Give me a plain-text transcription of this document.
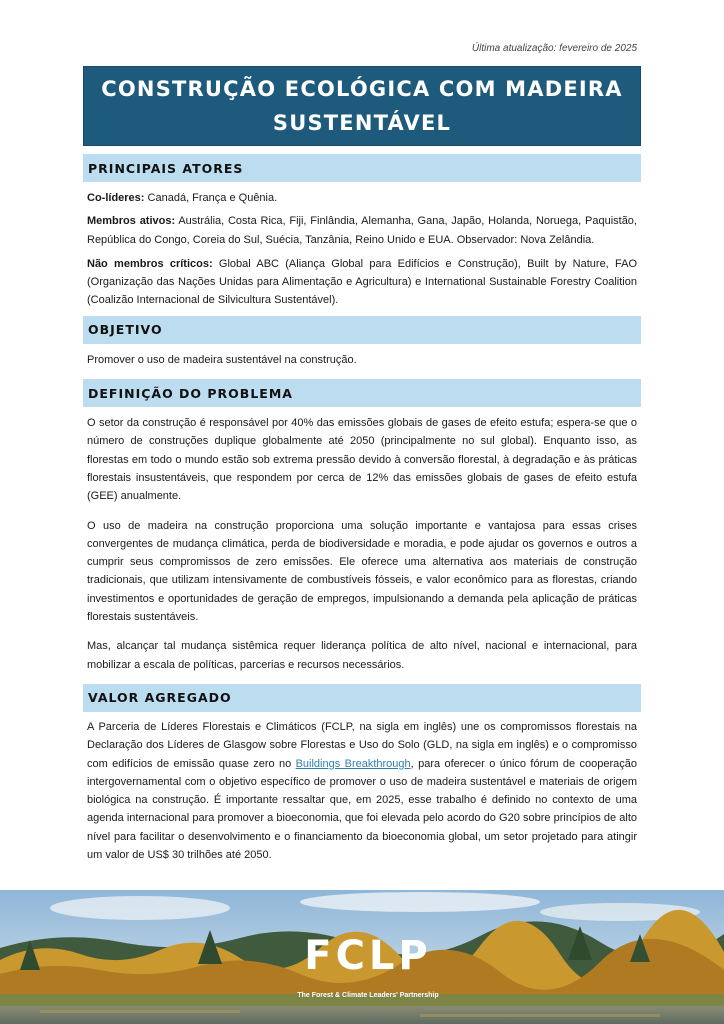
Última atualização: fevereiro de 2025
CONSTRUÇÃO ECOLÓGICA COM MADEIRA
SUSTENTÁVEL
PRINCIPAIS ATORES

Co-líderes: Canadá, França e Quênia.

Membros ativos: Austrália, Costa Rica, Fiji, Finlândia, Alemanha, Gana, Japão, Holanda, Noruega, Paquistão, República do Congo, Coreia do Sul, Suécia, Tanzânia, Reino Unido e EUA. Observador: Nova Zelândia.

Não membros críticos: Global ABC (Aliança Global para Edifícios e Construção), Built by Nature, FAO (Organização das Nações Unidas para Alimentação e Agricultura) e International Sustainable Forestry Coalition (Coalizão Internacional de Silvicultura Sustentável).

OBJETIVO

Promover o uso de madeira sustentável na construção.

DEFINIÇÃO DO PROBLEMA

O setor da construção é responsável por 40% das emissões globais de gases de efeito estufa; espera-se que o número de construções duplique globalmente até 2050 (principalmente no sul global). Enquanto isso, as florestas em todo o mundo estão sob extrema pressão devido à conversão florestal, à degradação e às práticas florestais insustentáveis, que respondem por cerca de 12% das emissões globais de gases de efeito estufa (GEE) anualmente.

O uso de madeira na construção proporciona uma solução importante e vantajosa para essas crises convergentes de mudança climática, perda de biodiversidade e moradia, e pode ajudar os governos e outros a cumprir seus compromissos de zero emissões. Ele oferece uma alternativa aos materiais de construção tradicionais, que utilizam intensivamente de combustíveis fósseis, e valor econômico para as florestas, criando investimentos e oportunidades de geração de empregos, impulsionando a demanda pela aplicação de práticas florestais sustentáveis.

Mas, alcançar tal mudança sistêmica requer liderança política de alto nível, nacional e internacional, para mobilizar a escala de políticas, parcerias e recursos necessários.

VALOR AGREGADO

A Parceria de Líderes Florestais e Climáticos (FCLP, na sigla em inglês) une os compromissos florestais na Declaração dos Líderes de Glasgow sobre Florestas e Uso do Solo (GLD, na sigla em inglês) e o compromisso com edifícios de emissão quase zero no Buildings Breakthrough, para oferecer o único fórum de cooperação intergovernamental com o objetivo específico de promover o uso de madeira sustentável e materiais de origem biológica na construção. É importante ressaltar que, em 2025, esse trabalho é definido no contexto de uma agenda internacional para promover a bioeconomia, que foi elevada pelo acordo do G20 sobre princípios de alto nível para facilitar o desenvolvimento e o financiamento da bioeconomia global, um setor projetado para atingir um valor de US$ 30 trilhões até 2050.

FCLP
The Forest & Climate Leaders' Partnership
